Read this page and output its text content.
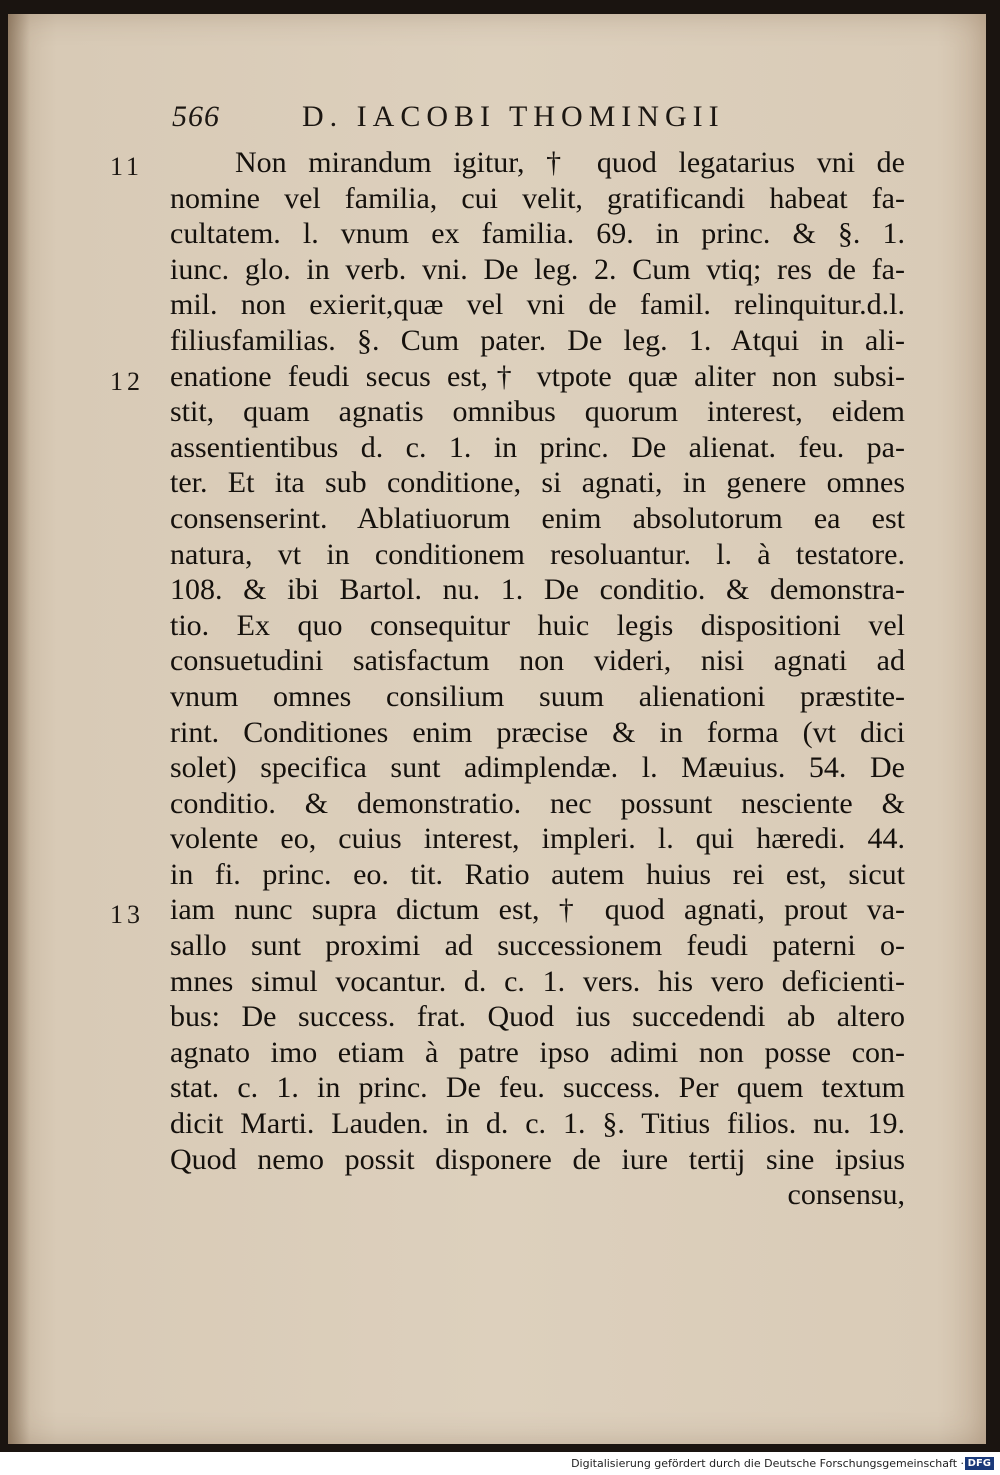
566	D. IACOBI THOMINGII
11
12
13
Non mirandum igitur, † quod legatarius vni de
nomine vel familia, cui velit, gratificandi habeat fa-
cultatem. l. vnum ex familia. 69. in princ. & §. 1.
iunc. glo. in verb. vni. De leg. 2. Cum vtiq; res de fa-
mil. non exierit,quæ vel vni de famil. relinquitur.d.l.
filiusfamilias. §. Cum pater. De leg. 1. Atqui in ali-
enatione feudi secus est,† vtpote quæ aliter non subsi-
stit, quam agnatis omnibus quorum interest, eidem
assentientibus d. c. 1. in princ. De alienat. feu. pa-
ter. Et ita sub conditione, si agnati, in genere omnes
consenserint. Ablatiuorum enim absolutorum ea est
natura, vt in conditionem resoluantur. l. à testatore.
108. & ibi Bartol. nu. 1. De conditio. & demonstra-
tio. Ex quo consequitur huic legis dispositioni vel
consuetudini satisfactum non videri, nisi agnati ad
vnum omnes consilium suum alienationi præstite-
rint. Conditiones enim præcise & in forma (vt dici
solet) specifica sunt adimplendæ. l. Mæuius. 54. De
conditio. & demonstratio. nec possunt nesciente &
volente eo, cuius interest, impleri. l. qui hæredi. 44.
in fi. princ. eo. tit. Ratio autem huius rei est, sicut
iam nunc supra dictum est, † quod agnati, prout va-
sallo sunt proximi ad successionem feudi paterni o-
mnes simul vocantur. d. c. 1. vers. his vero deficienti-
bus: De success. frat. Quod ius succedendi ab altero
agnato imo etiam à patre ipso adimi non posse con-
stat. c. 1. in princ. De feu. success. Per quem textum
dicit Marti. Lauden. in d. c. 1. §. Titius filios. nu. 19.
Quod nemo possit disponere de iure tertij sine ipsius
consensu,
Digitalisierung gefördert durch die Deutsche Forschungsgemeinschaft · DFG
